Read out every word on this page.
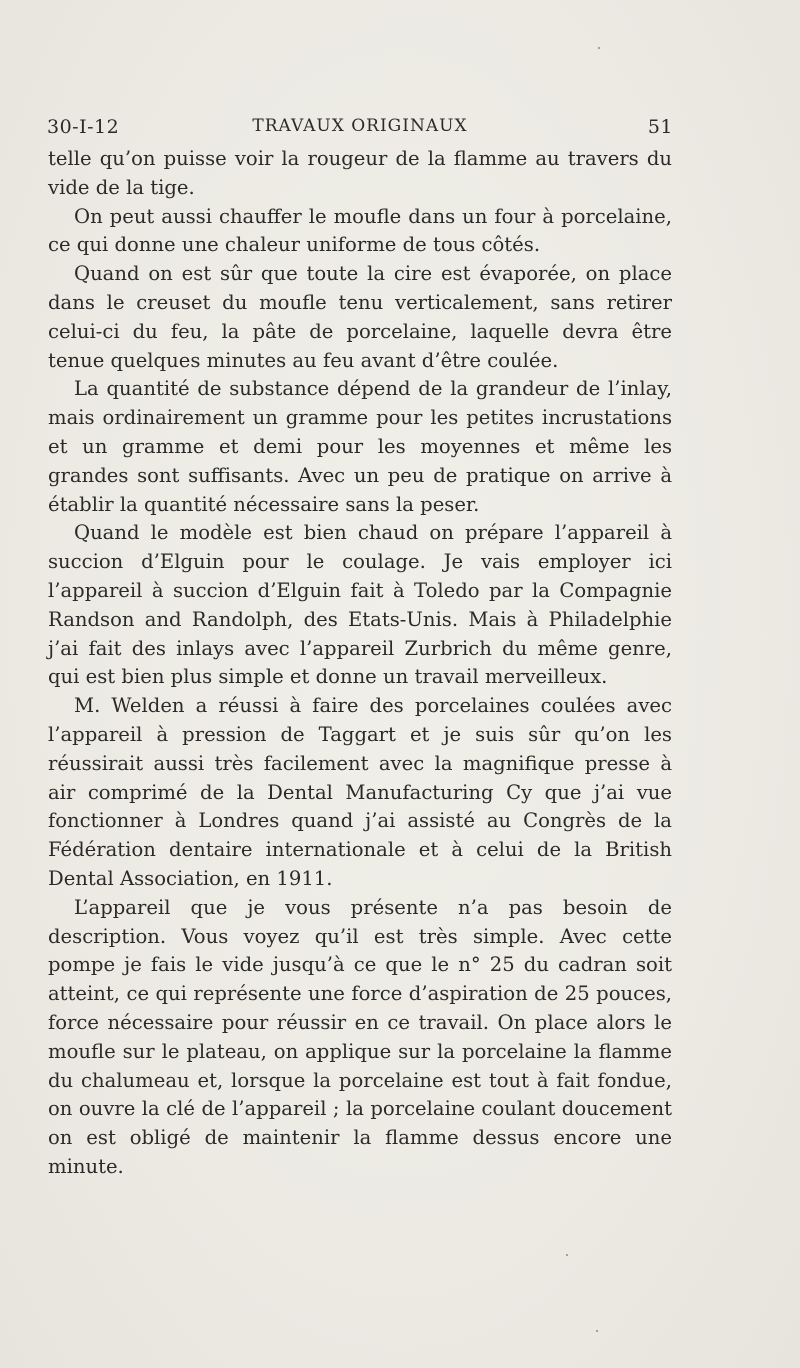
30-I-12	TRAVAUX ORIGINAUX	51

telle qu’on puisse voir la rougeur de la flamme au travers du vide de la tige.

On peut aussi chauffer le moufle dans un four à porcelaine, ce qui donne une chaleur uniforme de tous côtés.

Quand on est sûr que toute la cire est évaporée, on place dans le creuset du moufle tenu verticalement, sans retirer celui-ci du feu, la pâte de porcelaine, laquelle devra être tenue quelques minutes au feu avant d’être coulée.

La quantité de substance dépend de la grandeur de l’inlay, mais ordinairement un gramme pour les petites incrustations et un gramme et demi pour les moyennes et même les grandes sont suffisants. Avec un peu de pratique on arrive à établir la quantité nécessaire sans la peser.

Quand le modèle est bien chaud on prépare l’appareil à succion d’Elguin pour le coulage. Je vais employer ici l’appareil à succion d’Elguin fait à Toledo par la Compagnie Randson and Randolph, des Etats-Unis. Mais à Philadelphie j’ai fait des inlays avec l’appareil Zurbrich du même genre, qui est bien plus simple et donne un travail merveilleux.

M. Welden a réussi à faire des porcelaines coulées avec l’appareil à pression de Taggart et je suis sûr qu’on les réussirait aussi très facilement avec la magnifique presse à air comprimé de la Dental Manufacturing Cy que j’ai vue fonctionner à Londres quand j’ai assisté au Congrès de la Fédération dentaire internationale et à celui de la British Dental Association, en 1911.

L’appareil que je vous présente n’a pas besoin de description. Vous voyez qu’il est très simple. Avec cette pompe je fais le vide jusqu’à ce que le n° 25 du cadran soit atteint, ce qui représente une force d’aspiration de 25 pouces, force nécessaire pour réussir en ce travail. On place alors le moufle sur le plateau, on applique sur la porcelaine la flamme du chalumeau et, lorsque la porcelaine est tout à fait fondue, on ouvre la clé de l’appareil ; la porcelaine coulant doucement on est obligé de maintenir la flamme dessus encore une minute.
